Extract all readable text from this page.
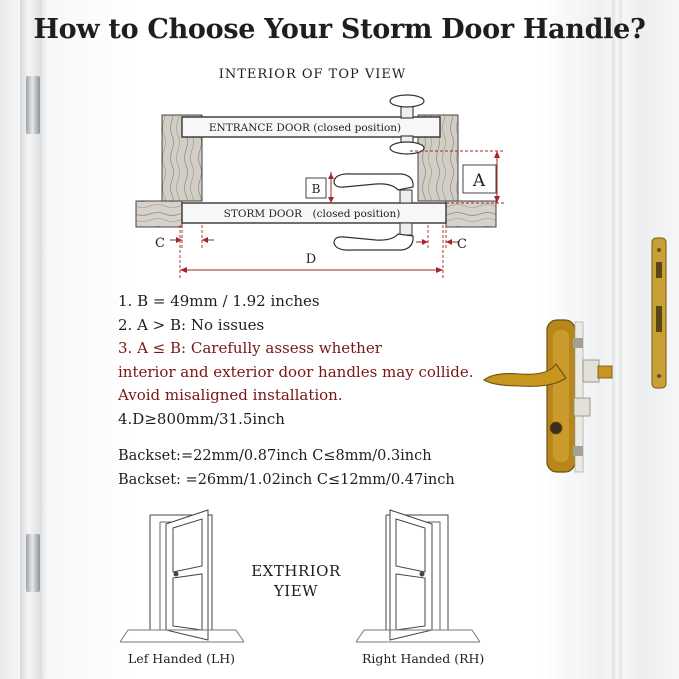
How to Choose Your Storm Door Handle?
INTERIOR OF TOP VIEW
ENTRANCE DOOR (closed position)
STORM DOOR　(closed position)
A
B
C	C
D
1. B = 49mm / 1.92 inches
2. A > B: No issues
3. A ≤ B: Carefully assess whether
interior and exterior door handles may collide.
Avoid misaligned installation.
4.D≥800mm/31.5inch
Backset:=22mm/0.87inch C≤8mm/0.3inch
Backset: =26mm/1.02inch C≤12mm/0.47inch
EXTHRIOR
YIEW
Lef Handed (LH)	Right Handed (RH)
